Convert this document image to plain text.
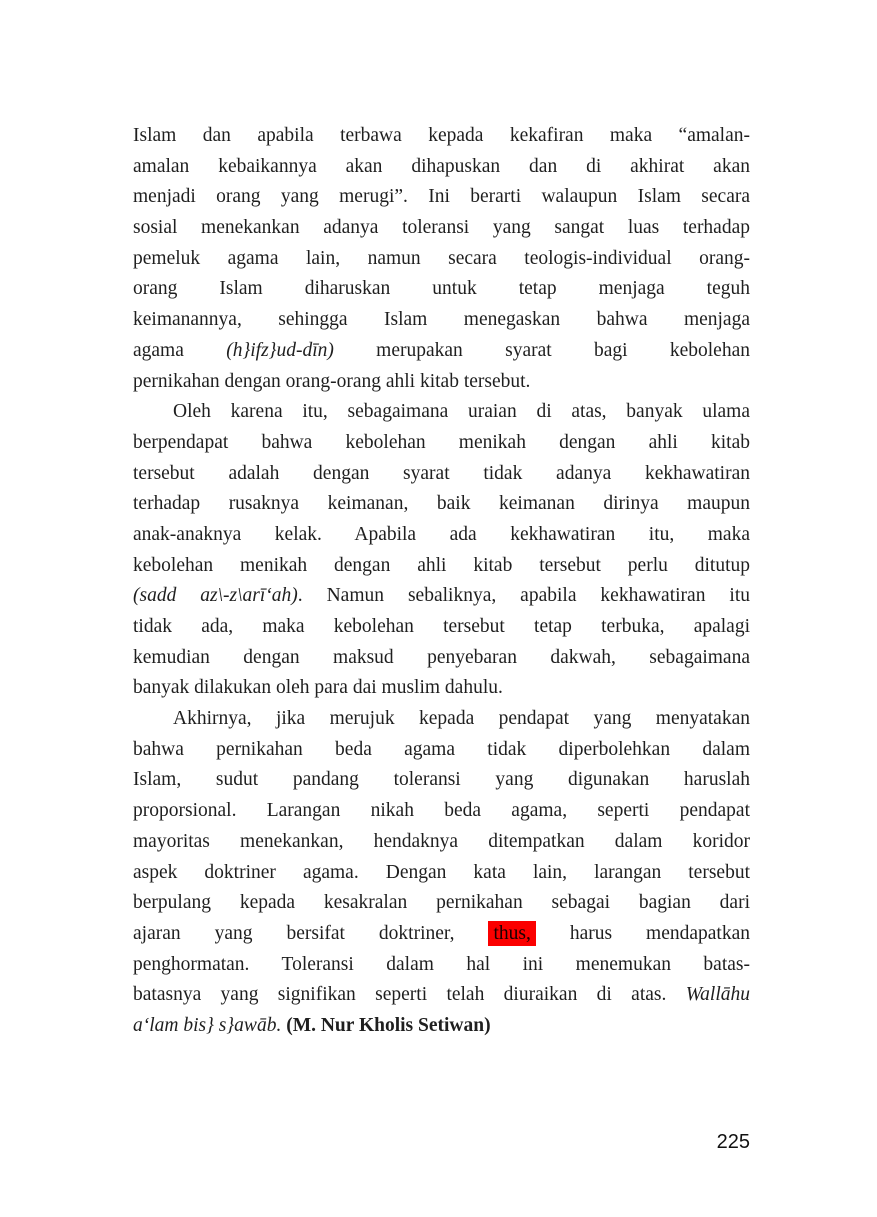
Islam dan apabila terbawa kepada kekafiran maka “amalan-
amalan kebaikannya akan dihapuskan dan di akhirat akan
menjadi orang yang merugi”. Ini berarti walaupun Islam secara
sosial menekankan adanya toleransi yang sangat luas terhadap
pemeluk agama lain, namun secara teologis-individual orang-
orang Islam diharuskan untuk tetap menjaga teguh
keimanannya, sehingga Islam menegaskan bahwa menjaga
agama (h}ifz}ud-dīn) merupakan syarat bagi kebolehan
pernikahan dengan orang-orang ahli kitab tersebut.
Oleh karena itu, sebagaimana uraian di atas, banyak ulama
berpendapat bahwa kebolehan menikah dengan ahli kitab
tersebut adalah dengan syarat tidak adanya kekhawatiran
terhadap rusaknya keimanan, baik keimanan dirinya maupun
anak-anaknya kelak. Apabila ada kekhawatiran itu, maka
kebolehan menikah dengan ahli kitab tersebut perlu ditutup
(sadd az\-z\arī‘ah). Namun sebaliknya, apabila kekhawatiran itu
tidak ada, maka kebolehan tersebut tetap terbuka, apalagi
kemudian dengan maksud penyebaran dakwah, sebagaimana
banyak dilakukan oleh para dai muslim dahulu.
Akhirnya, jika merujuk kepada pendapat yang menyatakan
bahwa pernikahan beda agama tidak diperbolehkan dalam
Islam, sudut pandang toleransi yang digunakan haruslah
proporsional. Larangan nikah beda agama, seperti pendapat
mayoritas menekankan, hendaknya ditempatkan dalam koridor
aspek doktriner agama. Dengan kata lain, larangan tersebut
berpulang kepada kesakralan pernikahan sebagai bagian dari
ajaran yang bersifat doktriner, thus, harus mendapatkan
penghormatan. Toleransi dalam hal ini menemukan batas-
batasnya yang signifikan seperti telah diuraikan di atas. Wallāhu
a‘lam bis} s}awāb. (M. Nur Kholis Setiwan)
225
